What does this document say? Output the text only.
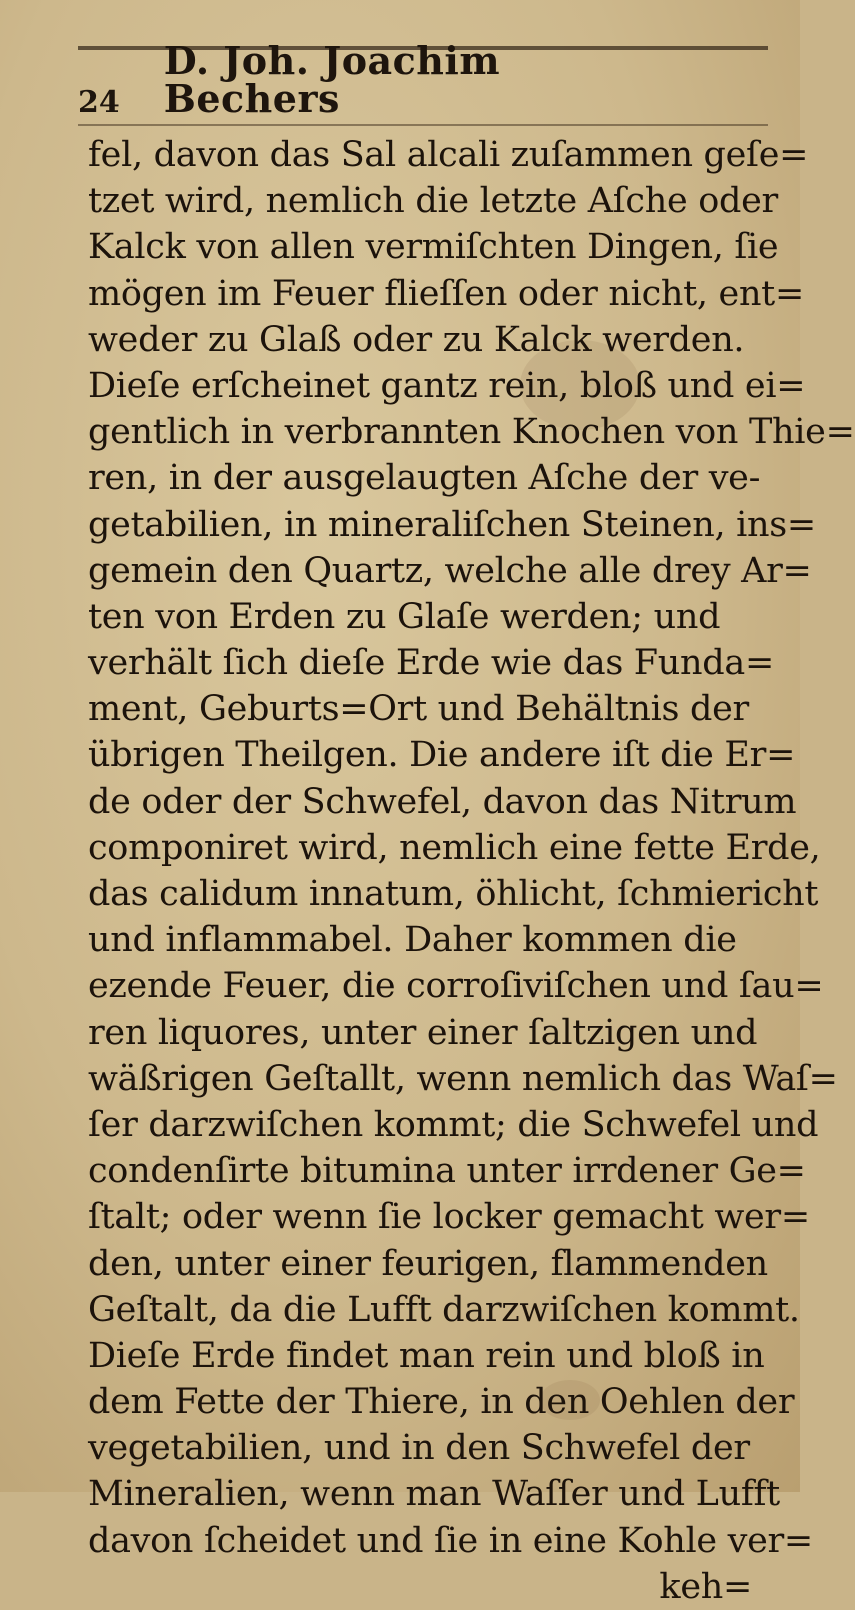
24
D. Joh. Joachim Bechers
fel, davon das Sal alcali zuſammen geſe=
tzet wird, nemlich die letzte Aſche oder
Kalck von allen vermiſchten Dingen, ſie
mögen im Feuer flieſſen oder nicht, ent=
weder zu Glaß oder zu Kalck werden.
Dieſe erſcheinet gantz rein, bloß und ei=
gentlich in verbrannten Knochen von Thie=
ren, in der ausgelaugten Aſche der ve-
getabilien, in mineraliſchen Steinen, ins=
gemein den Quartz, welche alle drey Ar=
ten von Erden zu Glaſe werden; und
verhält ſich dieſe Erde wie das Funda=
ment, Geburts=Ort und Behältnis der
übrigen Theilgen. Die andere iſt die Er=
de oder der Schwefel, davon das Nitrum
componiret wird, nemlich eine fette Erde,
das calidum innatum, öhlicht, ſchmiericht
und inflammabel. Daher kommen die
ezende Feuer, die corroſiviſchen und ſau=
ren liquores, unter einer ſaltzigen und
wäßrigen Geſtallt, wenn nemlich das Waſ=
ſer darzwiſchen kommt; die Schwefel und
condenſirte bitumina unter irrdener Ge=
ſtalt; oder wenn ſie locker gemacht wer=
den, unter einer feurigen, flammenden
Geſtalt, da die Lufft darzwiſchen kommt.
Dieſe Erde findet man rein und bloß in
dem Fette der Thiere, in den Oehlen der
vegetabilien, und in den Schwefel der
Mineralien, wenn man Waſſer und Lufft
davon ſcheidet und ſie in eine Kohle ver=
keh=
